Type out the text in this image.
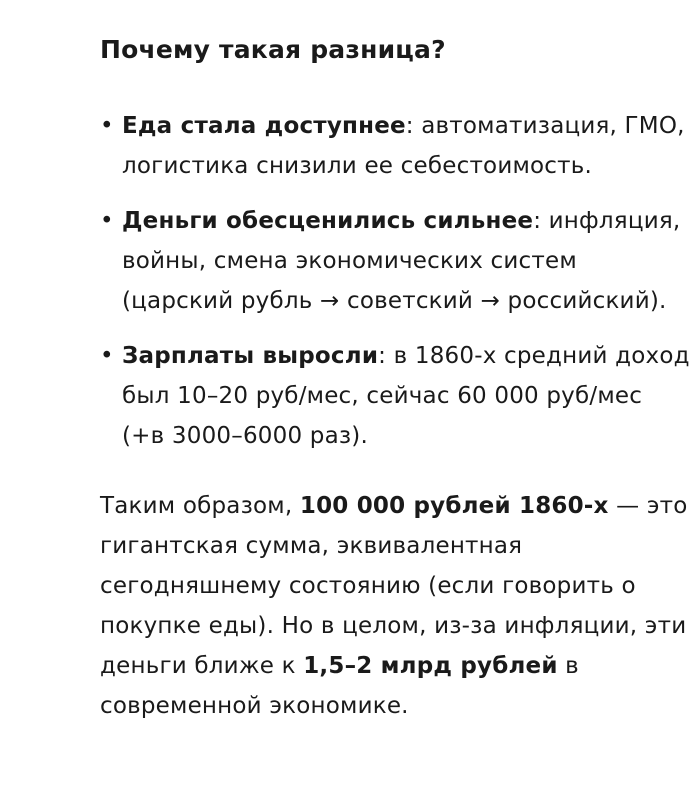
Почему такая разница?
• Еда стала доступнее: автоматизация, ГМО, логистика снизили ее себестоимость.
• Деньги обесценились сильнее: инфляция, войны, смена экономических систем (царский рубль → советский → российский).
• Зарплаты выросли: в 1860-х средний доход был 10–20 руб/мес, сейчас 60 000 руб/мес (+в 3000–6000 раз).

Таким образом, 100 000 рублей 1860-х — это гигантская сумма, эквивалентная сегодняшнему состоянию (если говорить о покупке еды). Но в целом, из-за инфляции, эти деньги ближе к 1,5–2 млрд рублей в современной экономике.
